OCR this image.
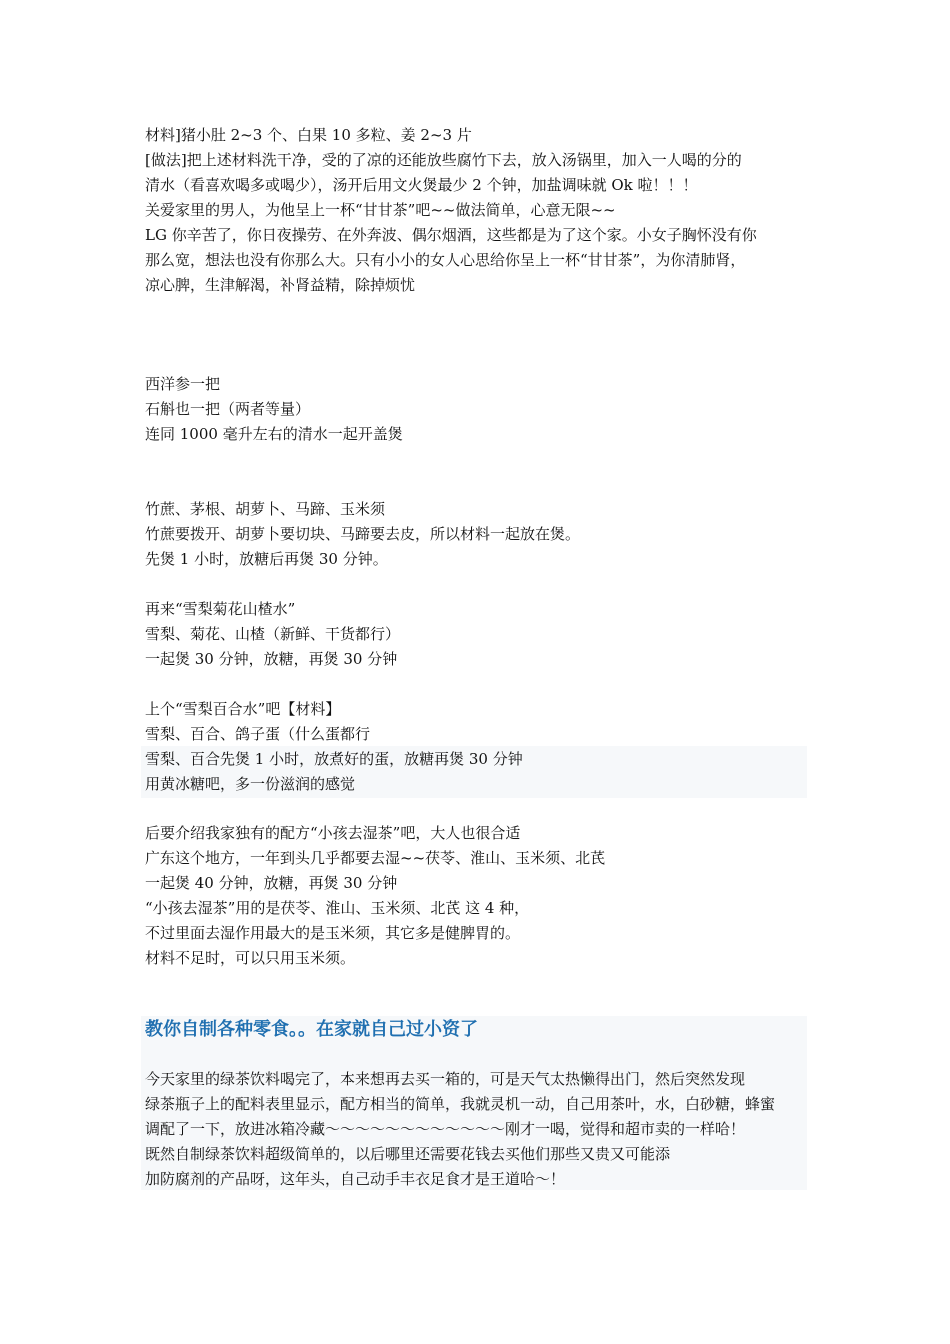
材料]猪小肚 2~3 个、白果 10 多粒、姜 2~3 片
[做法]把上述材料洗干净，受的了凉的还能放些腐竹下去，放入汤锅里，加入一人喝的分的
清水（看喜欢喝多或喝少），汤开后用文火煲最少 2 个钟，加盐调味就 Ok 啦！！！
关爱家里的男人，为他呈上一杯“甘甘茶”吧~~做法简单，心意无限~~
LG 你辛苦了，你日夜操劳、在外奔波、偶尔烟酒，这些都是为了这个家。小女子胸怀没有你
那么宽，想法也没有你那么大。只有小小的女人心思给你呈上一杯“甘甘茶”，为你清肺肾，
凉心脾，生津解渴，补肾益精，除掉烦忧
西洋参一把
石斛也一把（两者等量）
连同 1000 毫升左右的清水一起开盖煲
竹蔗、茅根、胡萝卜、马蹄、玉米须
竹蔗要拨开、胡萝卜要切块、马蹄要去皮，所以材料一起放在煲。
先煲 1 小时，放糖后再煲 30 分钟。
再来“雪梨菊花山楂水”
雪梨、菊花、山楂（新鲜、干货都行）
一起煲 30 分钟，放糖，再煲 30 分钟
上个“雪梨百合水”吧【材料】
雪梨、百合、鸽子蛋（什么蛋都行
雪梨、百合先煲 1 小时，放煮好的蛋，放糖再煲 30 分钟
用黄冰糖吧，多一份滋润的感觉
后要介绍我家独有的配方“小孩去湿茶”吧，大人也很合适
广东这个地方，一年到头几乎都要去湿~~茯苓、淮山、玉米须、北芪
一起煲 40 分钟，放糖，再煲 30 分钟
“小孩去湿茶”用的是茯苓、淮山、玉米须、北芪 这 4 种，
不过里面去湿作用最大的是玉米须，其它多是健脾胃的。
材料不足时，可以只用玉米须。
教你自制各种零食。。在家就自己过小资了
今天家里的绿茶饮料喝完了，本来想再去买一箱的，可是天气太热懒得出门，然后突然发现
绿茶瓶子上的配料表里显示，配方相当的简单，我就灵机一动，自己用茶叶，水，白砂糖，蜂蜜
调配了一下，放进冰箱冷藏～～～～～～～～～～～～刚才一喝，觉得和超市卖的一样哈！
既然自制绿茶饮料超级简单的，以后哪里还需要花钱去买他们那些又贵又可能添
加防腐剂的产品呀，这年头，自己动手丰衣足食才是王道哈～！
